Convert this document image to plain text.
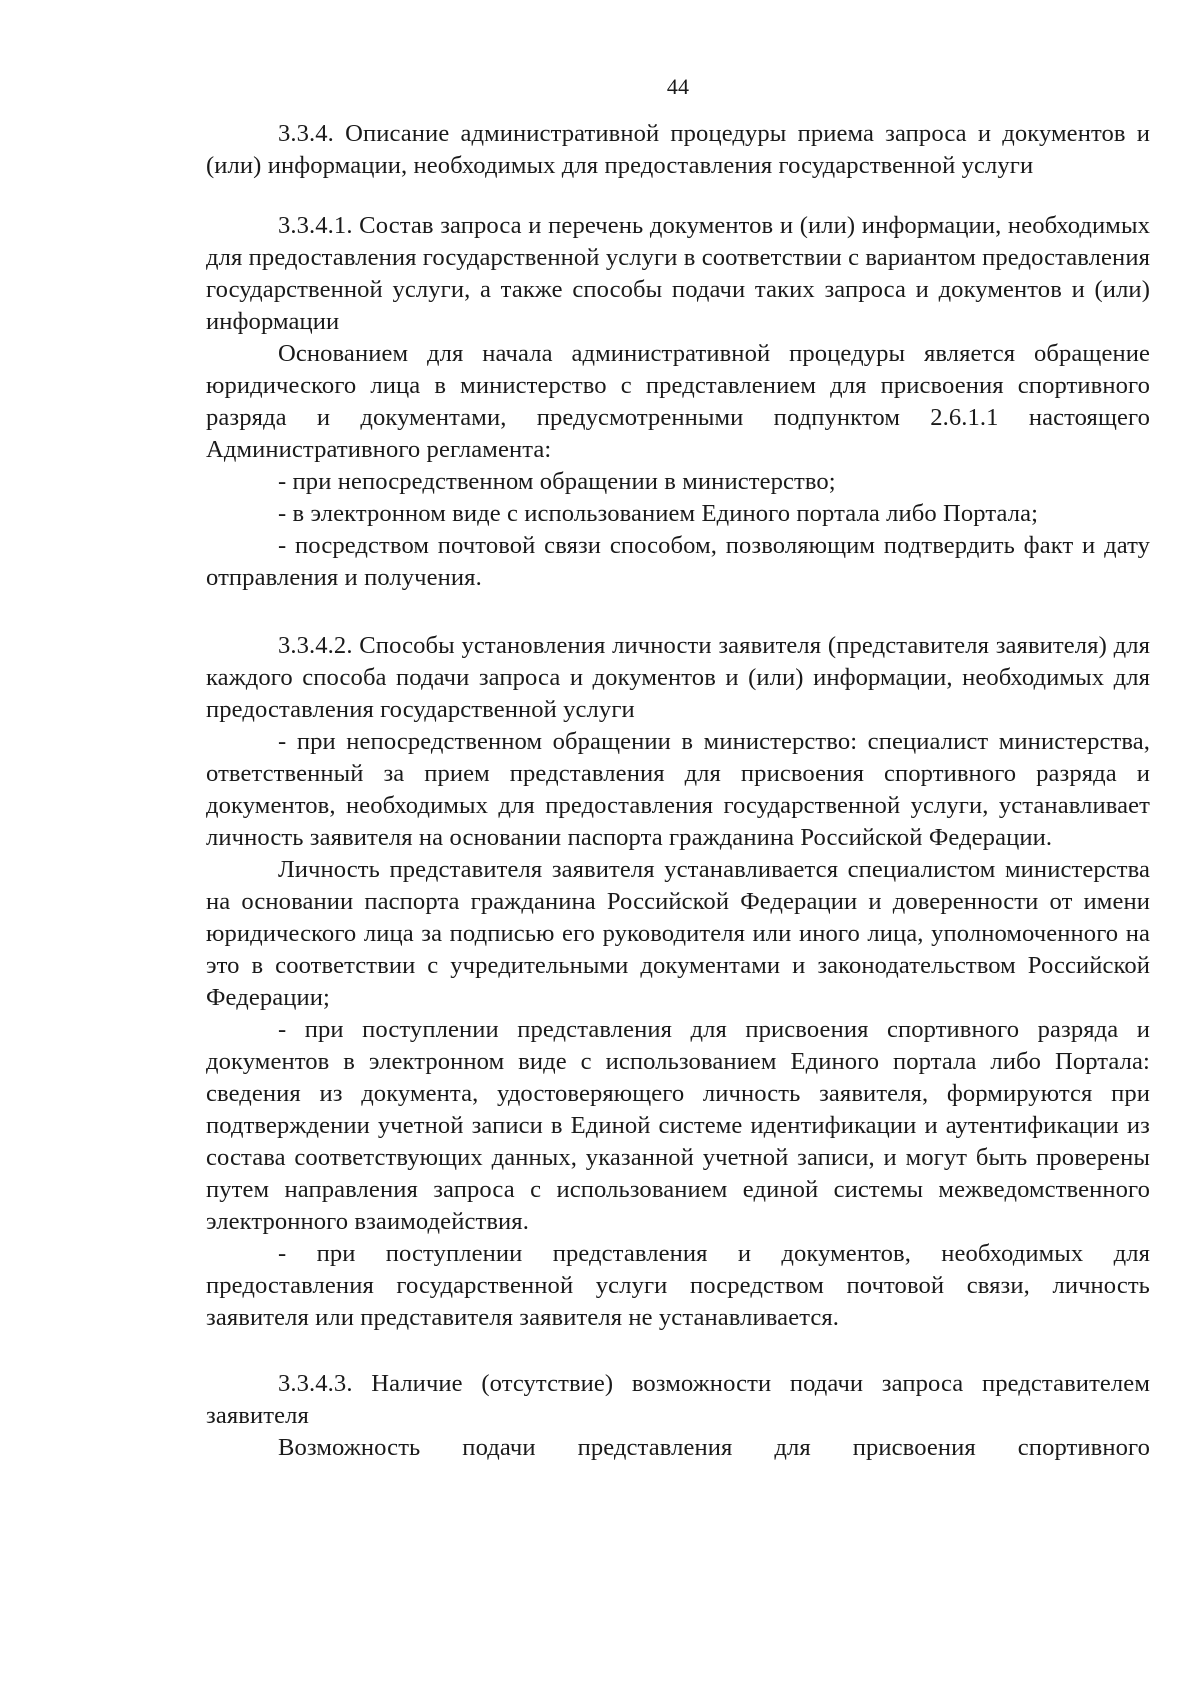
44

3.3.4. Описание административной процедуры приема запроса и документов и (или) информации, необходимых для предоставления государственной услуги

3.3.4.1. Состав запроса и перечень документов и (или) информации, необходимых для предоставления государственной услуги в соответствии с вариантом предоставления государственной услуги, а также способы подачи таких запроса и документов и (или) информации

Основанием для начала административной процедуры является обращение юридического лица в министерство с представлением для присвоения спортивного разряда и документами, предусмотренными подпунктом 2.6.1.1 настоящего Административного регламента:

- при непосредственном обращении в министерство;

- в электронном виде с использованием Единого портала либо Портала;

- посредством почтовой связи способом, позволяющим подтвердить факт и дату отправления и получения.

3.3.4.2. Способы установления личности заявителя (представителя заявителя) для каждого способа подачи запроса и документов и (или) информации, необходимых для предоставления государственной услуги

- при непосредственном обращении в министерство: специалист министерства, ответственный за прием представления для присвоения спортивного разряда и документов, необходимых для предоставления государственной услуги, устанавливает личность заявителя на основании паспорта гражданина Российской Федерации.

Личность представителя заявителя устанавливается специалистом министерства на основании паспорта гражданина Российской Федерации и доверенности от имени юридического лица за подписью его руководителя или иного лица, уполномоченного на это в соответствии с учредительными документами и законодательством Российской Федерации;

- при поступлении представления для присвоения спортивного разряда и документов в электронном виде с использованием Единого портала либо Портала: сведения из документа, удостоверяющего личность заявителя, формируются при подтверждении учетной записи в Единой системе идентификации и аутентификации из состава соответствующих данных, указанной учетной записи, и могут быть проверены путем направления запроса с использованием единой системы межведомственного электронного взаимодействия.

- при поступлении представления и документов, необходимых для предоставления государственной услуги посредством почтовой связи, личность заявителя или представителя заявителя не устанавливается.

3.3.4.3. Наличие (отсутствие) возможности подачи запроса представителем заявителя

Возможность подачи представления для присвоения спортивного
